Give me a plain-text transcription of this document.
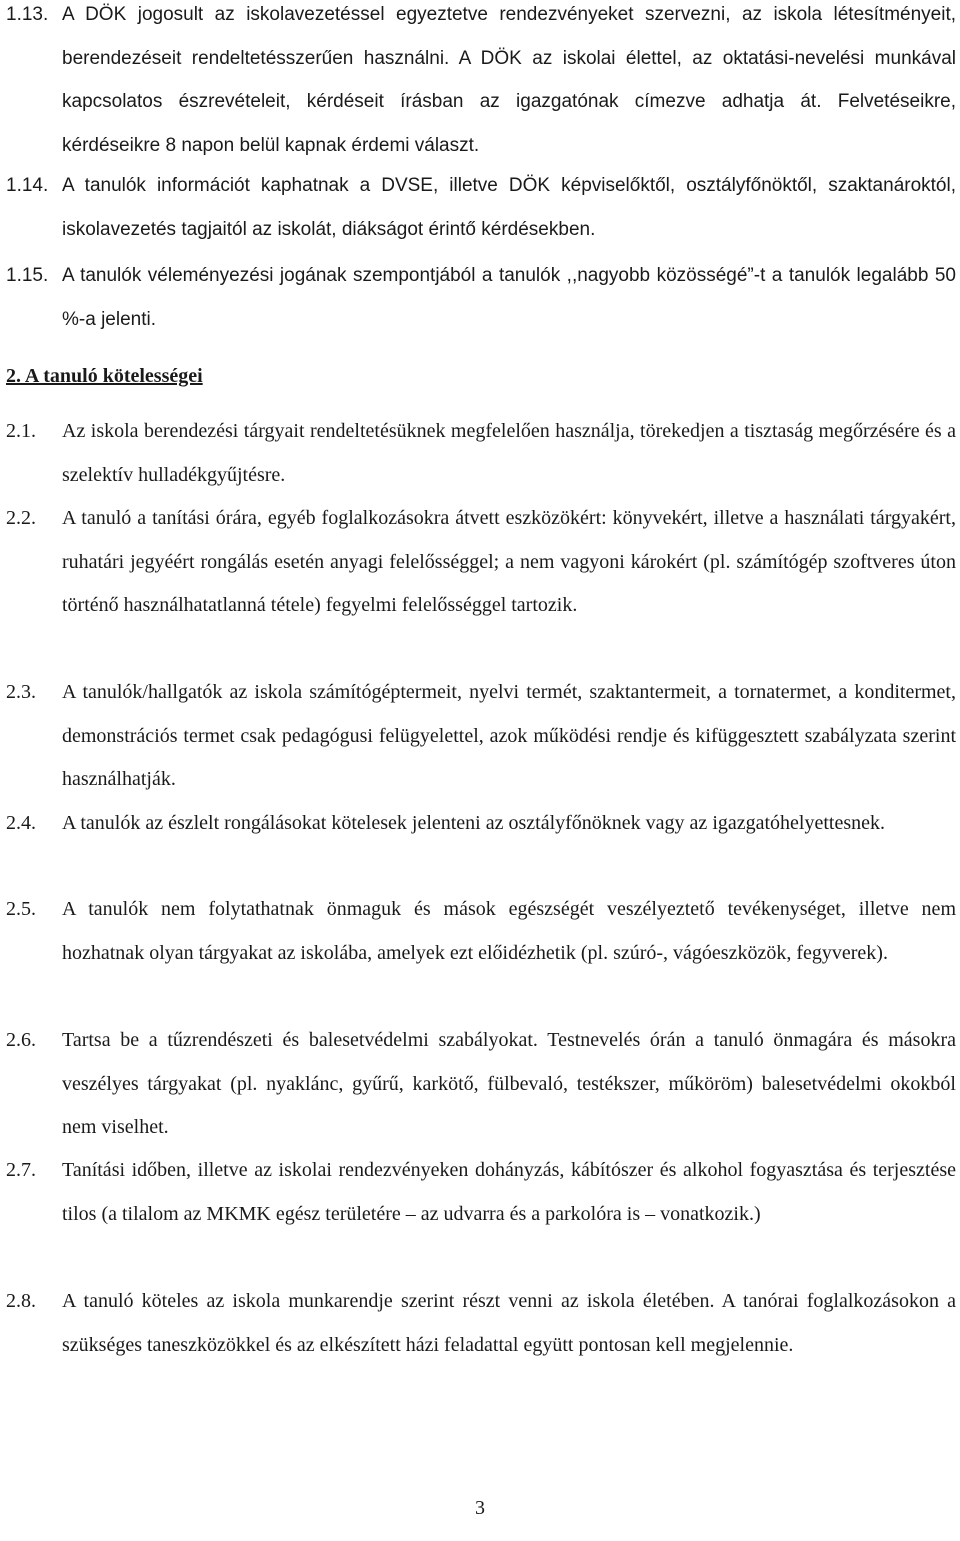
1.13. A DÖK jogosult az iskolavezetéssel egyeztetve rendezvényeket szervezni, az iskola létesítményeit, berendezéseit rendeltetésszerűen használni. A DÖK az iskolai élettel, az oktatási-nevelési munkával kapcsolatos észrevételeit, kérdéseit írásban az igazgatónak címezve adhatja át. Felvetéseikre, kérdéseikre 8 napon belül kapnak érdemi választ.
1.14. A tanulók információt kaphatnak a DVSE, illetve DÖK képviselőktől, osztályfőnöktől, szaktanároktól, iskolavezetés tagjaitól az iskolát, diákságot érintő kérdésekben.
1.15. A tanulók véleményezési jogának szempontjából a tanulók ,,nagyobb közösségé”-t a tanulók legalább 50 %-a jelenti.
2. A tanuló kötelességei
2.1.	Az iskola berendezési tárgyait rendeltetésüknek megfelelően használja, törekedjen a tisztaság megőrzésére és a szelektív hulladékgyűjtésre.
2.2.	A tanuló a tanítási órára, egyéb foglalkozásokra átvett eszközökért: könyvekért, illetve a használati tárgyakért, ruhatári jegyéért rongálás esetén anyagi felelősséggel; a nem vagyoni károkért (pl. számítógép szoftveres úton történő használhatatlanná tétele) fegyelmi felelősséggel tartozik.
2.3.	A tanulók/hallgatók az iskola számítógéptermeit, nyelvi termét, szaktantermeit, a tornatermet, a konditermet, demonstrációs termet csak pedagógusi felügyelettel, azok működési rendje és kifüggesztett szabályzata szerint használhatják.
2.4.	A tanulók az észlelt rongálásokat kötelesek jelenteni az osztályfőnöknek vagy az igazgatóhelyettesnek.
2.5.	A tanulók nem folytathatnak önmaguk és mások egészségét veszélyeztető tevékenységet, illetve nem hozhatnak olyan tárgyakat az iskolába, amelyek ezt előidézhetik (pl. szúró-, vágóeszközök, fegyverek).
2.6.	Tartsa be a tűzrendészeti és balesetvédelmi szabályokat. Testnevelés órán a tanuló önmagára és másokra veszélyes tárgyakat (pl. nyaklánc, gyűrű, karkötő, fülbevaló, testékszer, műköröm) balesetvédelmi okokból nem viselhet.
2.7.	Tanítási időben, illetve az iskolai rendezvényeken dohányzás, kábítószer és alkohol fogyasztása és terjesztése tilos (a tilalom az MKMK egész területére – az udvarra és a parkolóra is – vonatkozik.)
2.8.	A tanuló köteles az iskola munkarendje szerint részt venni az iskola életében. A tanórai foglalkozásokon a szükséges taneszközökkel és az elkészített házi feladattal együtt pontosan kell megjelennie.
3
